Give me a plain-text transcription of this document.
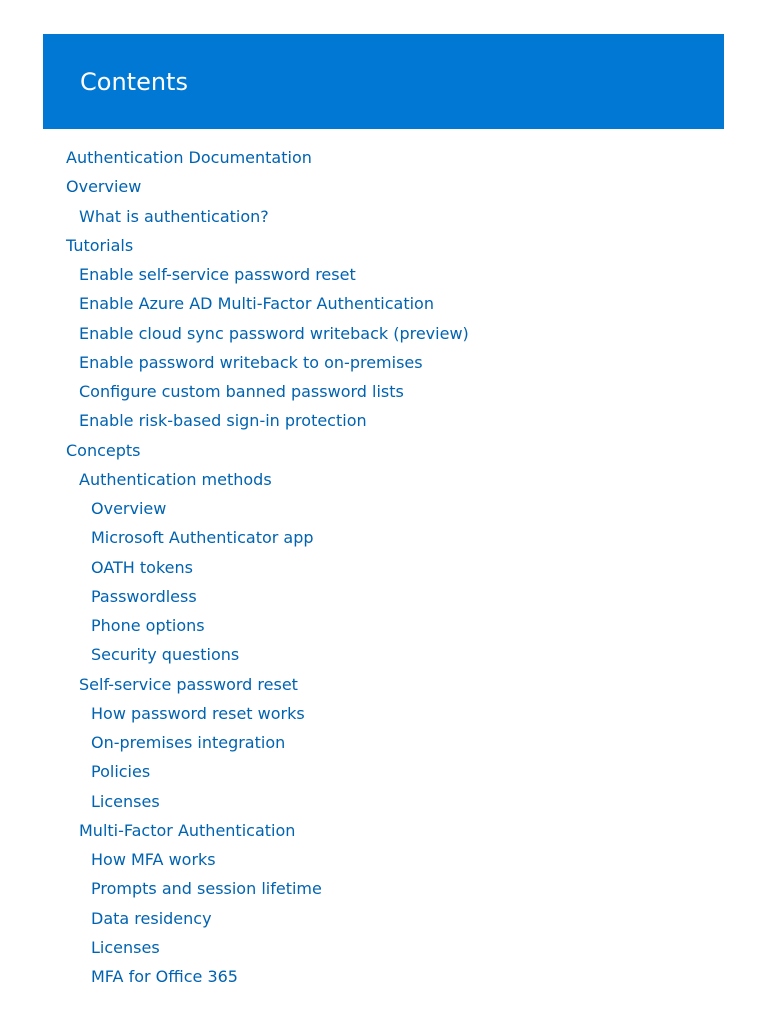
Contents
Authentication Documentation
Overview
What is authentication?
Tutorials
Enable self-service password reset
Enable Azure AD Multi-Factor Authentication
Enable cloud sync password writeback (preview)
Enable password writeback to on-premises
Configure custom banned password lists
Enable risk-based sign-in protection
Concepts
Authentication methods
Overview
Microsoft Authenticator app
OATH tokens
Passwordless
Phone options
Security questions
Self-service password reset
How password reset works
On-premises integration
Policies
Licenses
Multi-Factor Authentication
How MFA works
Prompts and session lifetime
Data residency
Licenses
MFA for Office 365
